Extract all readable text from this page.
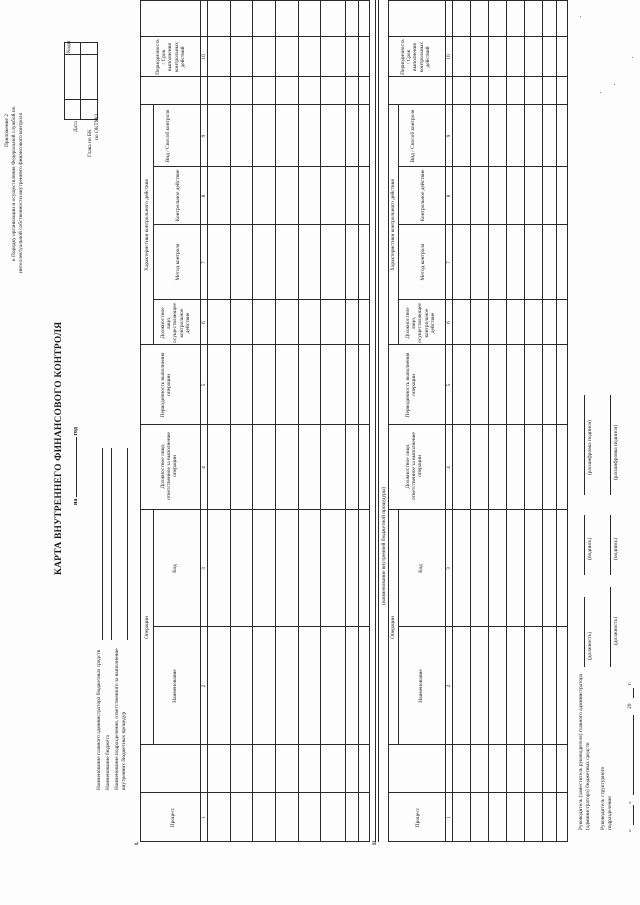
Приложение 2 к Порядку организации и осуществления Федеральной службой по интеллектуальной собственности внутреннего финансового контроля
КАРТА ВНУТРЕННЕГО ФИНАНСОВОГО КОНТРОЛЯ на  год
Коды
Дата
Глава по БК
по ОКТМО
Наименование главного администратора бюджетных средств Наименование бюджета Наименование подразделения, ответственного за выполнение внутренних бюджетных процедур
I.
Процесс
Операции
Наименование
Код
Должностное лицо, ответственное за выполнение операции
Периодичность выполнения операции
Должностное лицо, осуществляющее контрольное действие
Характеристики контрольного действия	Метод контроля
Контрольное действие
Вид / Способ контроля
Периодичность / Срок выполнения контрольных действий
1
2
3
4
5
6
7
8
9
10
II.
(наименование внутренней бюджетной процедуры)
Процесс
Операции
Наименование
Код
Должностное лицо, ответственное за выполнение операции
Периодичность выполнения операции
Должностное лицо, осуществляющее контрольное действие
Характеристики контрольного действия	Метод контроля
Контрольное действие
Вид / Способ контроля
Периодичность / Срок выполнения контрольных действий
1
2
3
4
5
6
7
8
9
10
Руководитель (заместитель руководителя) главного администратора (администратора) бюджетных средств
(должность)
(подпись)
(расшифровка подписи)
Руководитель структурного подразделения
(должность)
(подпись)
(расшифровка подписи)
«
»
20
г.
